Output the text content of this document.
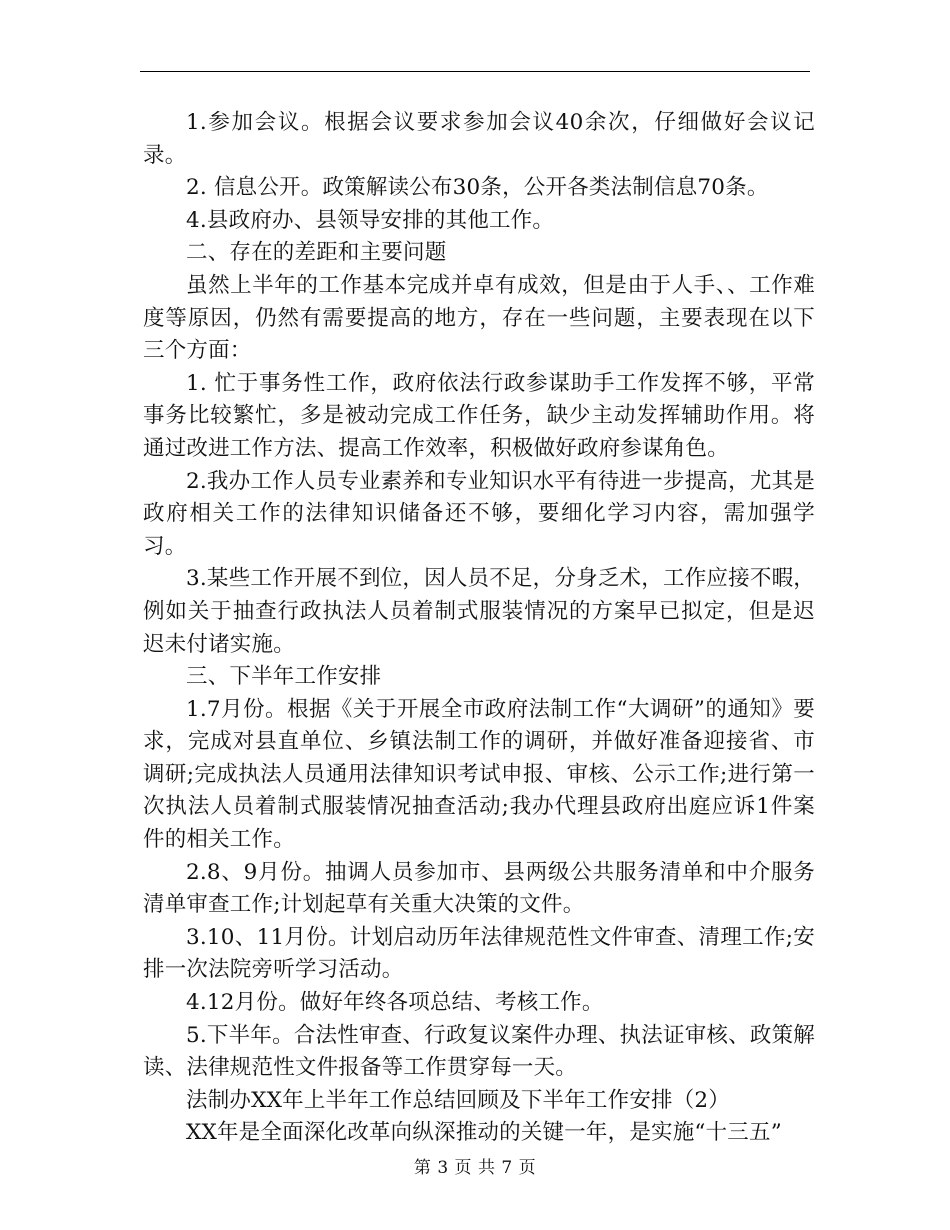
1.参加会议。根据会议要求参加会议40余次，仔细做好会议记录。

2. 信息公开。政策解读公布30条，公开各类法制信息70条。

4.县政府办、县领导安排的其他工作。

二、存在的差距和主要问题

虽然上半年的工作基本完成并卓有成效，但是由于人手、、工作难度等原因，仍然有需要提高的地方，存在一些问题，主要表现在以下三个方面：

1. 忙于事务性工作，政府依法行政参谋助手工作发挥不够，平常事务比较繁忙，多是被动完成工作任务，缺少主动发挥辅助作用。将通过改进工作方法、提高工作效率，积极做好政府参谋角色。

2.我办工作人员专业素养和专业知识水平有待进一步提高，尤其是政府相关工作的法律知识储备还不够，要细化学习内容，需加强学习。

3.某些工作开展不到位，因人员不足，分身乏术，工作应接不暇，例如关于抽查行政执法人员着制式服装情况的方案早已拟定，但是迟迟未付诸实施。

三、下半年工作安排

1.7月份。根据《关于开展全市政府法制工作“大调研”的通知》要求，完成对县直单位、乡镇法制工作的调研，并做好准备迎接省、市调研;完成执法人员通用法律知识考试申报、审核、公示工作;进行第一次执法人员着制式服装情况抽查活动;我办代理县政府出庭应诉1件案件的相关工作。

2.8、9月份。抽调人员参加市、县两级公共服务清单和中介服务清单审查工作;计划起草有关重大决策的文件。

3.10、11月份。计划启动历年法律规范性文件审查、清理工作;安排一次法院旁听学习活动。

4.12月份。做好年终各项总结、考核工作。

5.下半年。合法性审查、行政复议案件办理、执法证审核、政策解读、法律规范性文件报备等工作贯穿每一天。

法制办XX年上半年工作总结回顾及下半年工作安排（2）

XX年是全面深化改革向纵深推动的关键一年，是实施“十三五”

第 3 页 共 7 页
